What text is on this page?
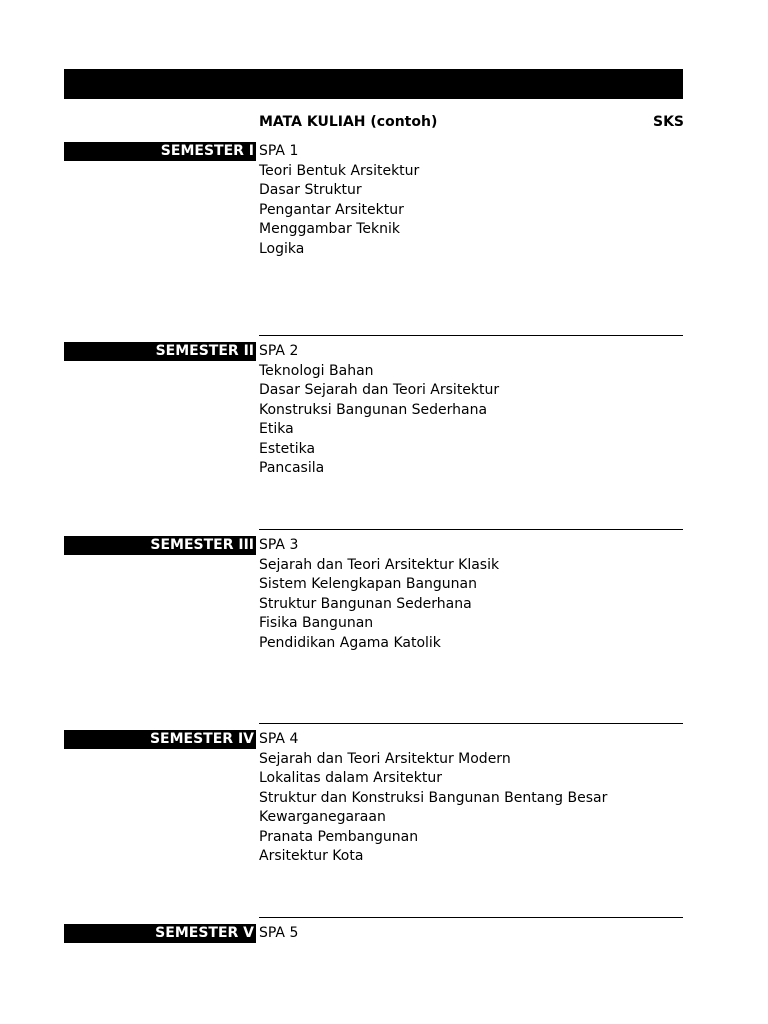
MATA KULIAH (contoh)	SKS
SEMESTER I SPA 1
Teori Bentuk Arsitektur
Dasar Struktur
Pengantar Arsitektur
Menggambar Teknik
Logika
SEMESTER II SPA 2
Teknologi Bahan
Dasar Sejarah dan Teori Arsitektur
Konstruksi Bangunan Sederhana
Etika
Estetika
Pancasila
SEMESTER III SPA 3
Sejarah dan Teori Arsitektur Klasik
Sistem Kelengkapan Bangunan
Struktur Bangunan Sederhana
Fisika Bangunan
Pendidikan Agama Katolik
SEMESTER IV SPA 4
Sejarah dan Teori Arsitektur Modern
Lokalitas dalam Arsitektur
Struktur dan Konstruksi Bangunan Bentang Besar
Kewarganegaraan
Pranata Pembangunan
Arsitektur Kota
SEMESTER V SPA 5
